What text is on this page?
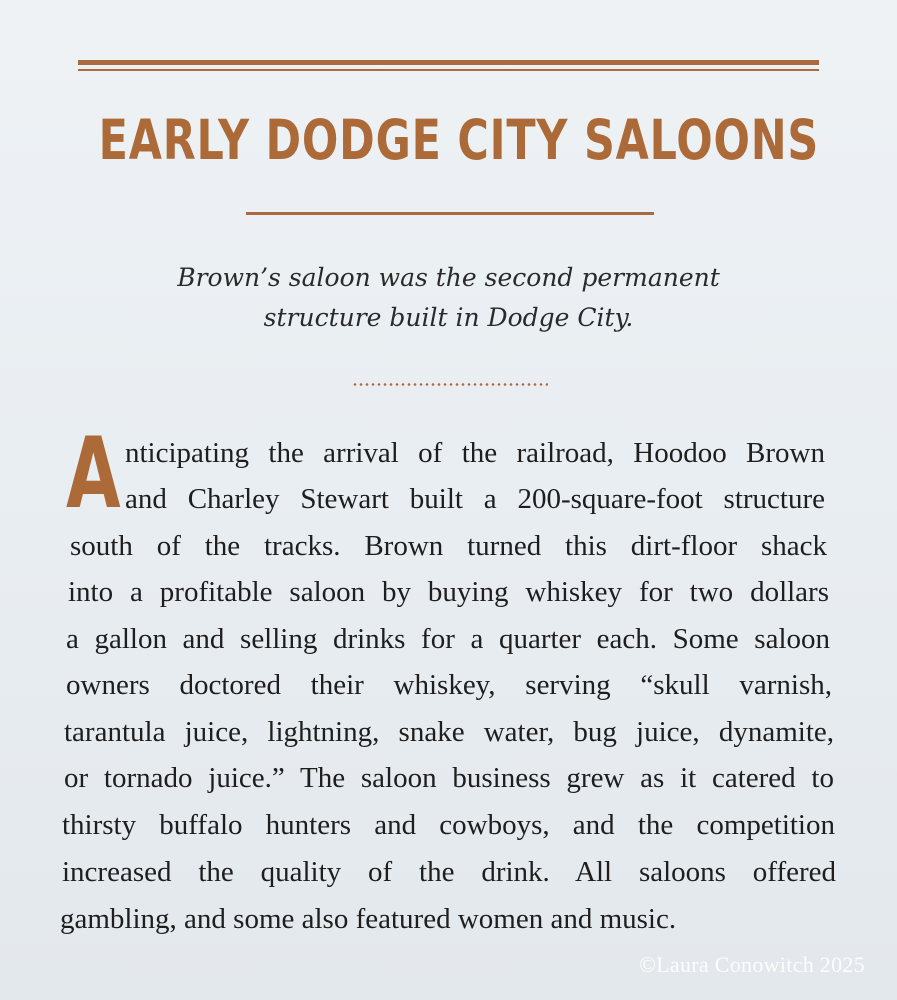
EARLY DODGE CITY SALOONS
Brown’s saloon was the second permanent
structure built in Dodge City.
A nticipating the arrival of the railroad, Hoodoo Brown
and Charley Stewart built a 200-square-foot structure
south of the tracks. Brown turned this dirt-floor shack
into a profitable saloon by buying whiskey for two dollars
a gallon and selling drinks for a quarter each. Some saloon
owners doctored their whiskey, serving “skull varnish,
tarantula juice, lightning, snake water, bug juice, dynamite,
or tornado juice.” The saloon business grew as it catered to
thirsty buffalo hunters and cowboys, and the competition
increased the quality of the drink. All saloons offered
gambling, and some also featured women and music.
©Laura Conowitch 2025
